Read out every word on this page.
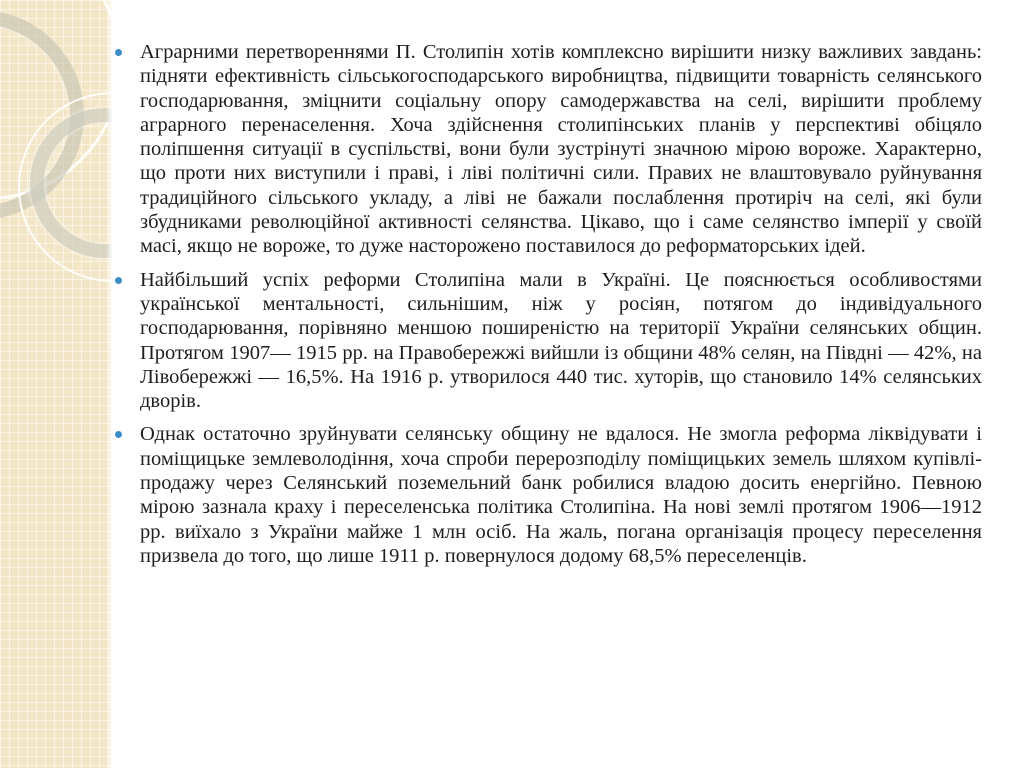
Аграрними перетвореннями П. Столипін хотів комплексно вирішити низку важливих завдань: підняти ефективність сільськогосподарського виробництва, підвищити товарність селянського господарювання, зміцнити соціальну опору самодержавства на селі, вирішити проблему аграрного перенаселення. Хоча здійснення столипінських планів у перспективі обіцяло поліпшення ситуації в суспільстві, вони були зустрінуті значною мірою вороже. Характерно, що проти них виступили і праві, і ліві політичні сили. Правих не влаштовувало руйнування традиційного сільського укладу, а ліві не бажали послаблення протиріч на селі, які були збудниками революційної активності селянства. Цікаво, що і саме селянство імперії у своїй масі, якщо не вороже, то дуже настороженo поставилося до реформаторських ідей.

Найбільший успіх реформи Столипіна мали в Україні. Це пояснюється особливостями української ментальності, сильнішим, ніж у росіян, потягом до індивідуального господарювання, порівняно меншою поширеністю на території України селянських общин. Протягом 1907— 1915 pp. на Правобережжі вийшли із общини 48% селян, на Півдні — 42%, на Лівобережжі — 16,5%. На 1916 р. утворилося 440 тис. хуторів, що становило 14% селянських дворів.

Однак остаточно зруйнувати селянську общину не вдалося. Не змогла реформа ліквідувати і поміщицьке землеволодіння, хоча спроби перерозподілу поміщицьких земель шляхом купівлі-продажу через Селянський поземельний банк робилися владою досить енергійно. Певною мірою зазнала краху і переселенська політика Столипіна. На нові землі протягом 1906—1912 pp. виїхало з України майже 1 млн осіб. На жаль, погана організація процесу переселення призвела до того, що лише 1911 р. повернулося додому 68,5% переселенців.
